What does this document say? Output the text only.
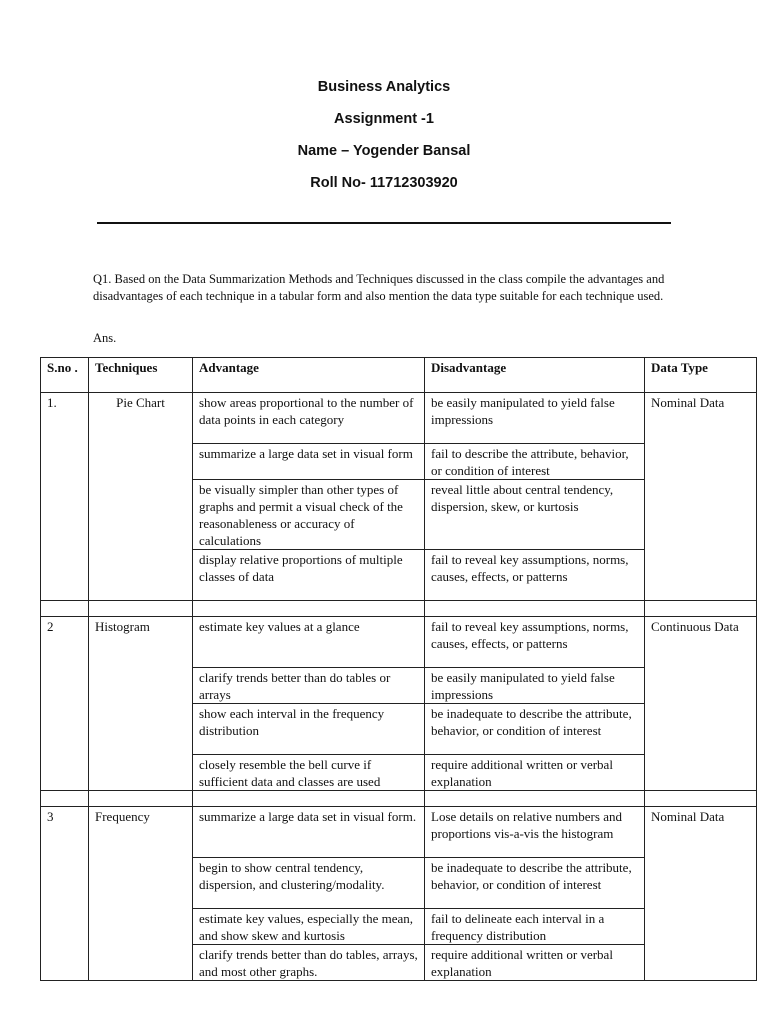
Business Analytics
Assignment -1
Name – Yogender Bansal
Roll No- 11712303920
Q1. Based on the Data Summarization Methods and Techniques discussed in the class compile the advantages and disadvantages of each technique in a tabular form and also mention the data type suitable for each technique used.
Ans.
S.no .	Techniques	Advantage	Disadvantage	Data Type
1.	Pie Chart	show areas proportional to the number of data points in each category	be easily manipulated to yield false impressions	Nominal Data
		summarize a large data set in visual form	fail to describe the attribute, behavior, or condition of interest	
		be visually simpler than other types of graphs and permit a visual check of the reasonableness or accuracy of calculations	reveal little about central tendency, dispersion, skew, or kurtosis	
		display relative proportions of multiple classes of data	fail to reveal key assumptions, norms, causes, effects, or patterns	

2	Histogram	estimate key values at a glance	fail to reveal key assumptions, norms, causes, effects, or patterns	Continuous Data
		clarify trends better than do tables or arrays	be easily manipulated to yield false impressions	
		show each interval in the frequency distribution	be inadequate to describe the attribute, behavior, or condition of interest	
		closely resemble the bell curve if sufficient data and classes are used	require additional written or verbal explanation	

3	Frequency	summarize a large data set in visual form.	Lose details on relative numbers and proportions vis-a-vis the histogram	Nominal Data
		begin to show central tendency, dispersion, and clustering/modality.	be inadequate to describe the attribute, behavior, or condition of interest	
		estimate key values, especially the mean, and show skew and kurtosis	fail to delineate each interval in a frequency distribution	
		clarify trends better than do tables, arrays, and most other graphs.	require additional written or verbal explanation	
